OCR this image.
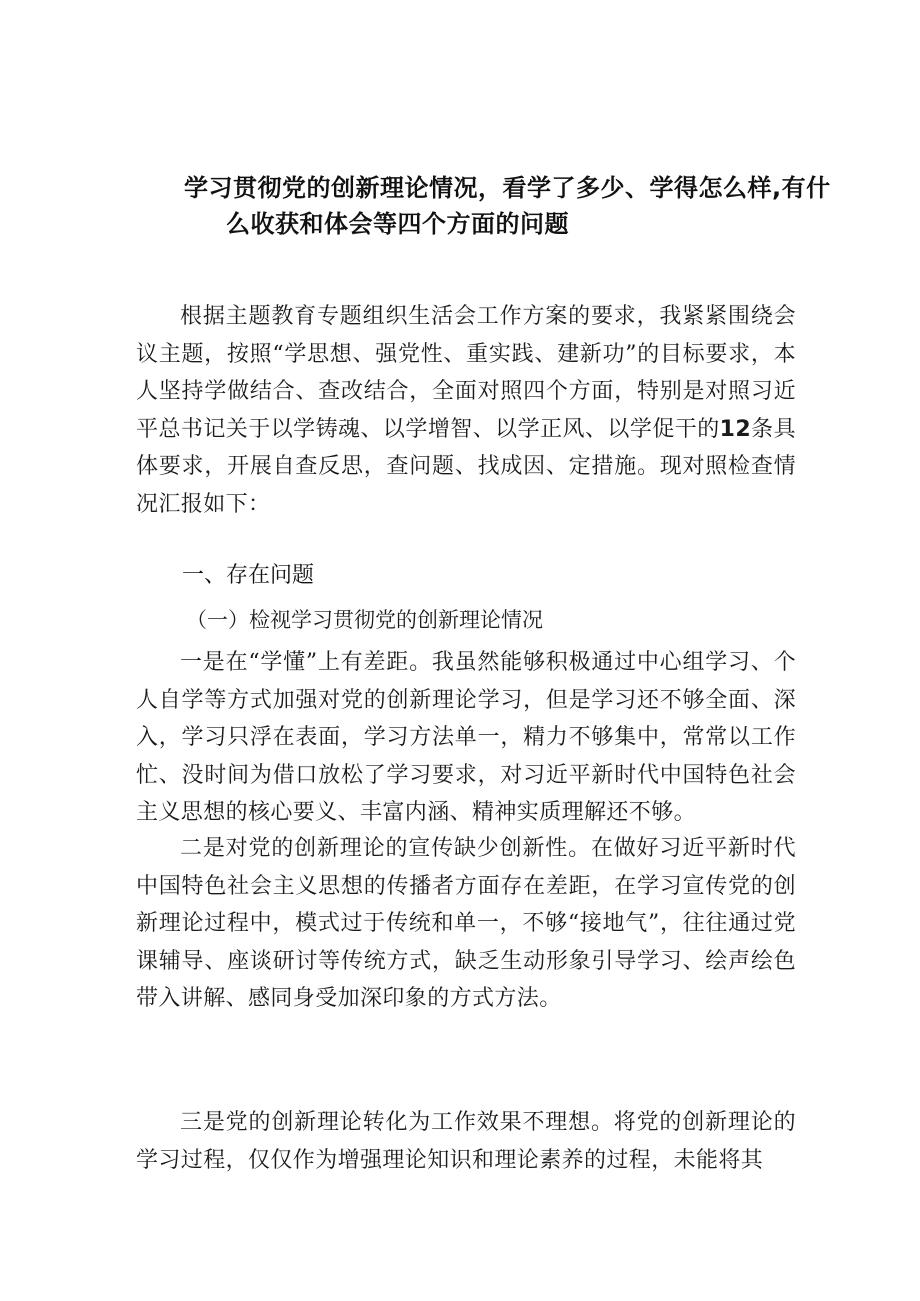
学习贯彻党的创新理论情况，看学了多少、学得怎么样,有什
么收获和体会等四个方面的问题

根据主题教育专题组织生活会工作方案的要求，我紧紧围绕会议主题，按照“学思想、强党性、重实践、建新功”的目标要求，本人坚持学做结合、查改结合，全面对照四个方面，特别是对照习近平总书记关于以学铸魂、以学增智、以学正风、以学促干的12条具体要求，开展自查反思，查问题、找成因、定措施。现对照检查情况汇报如下：

一、存在问题
（一）检视学习贯彻党的创新理论情况

一是在“学懂”上有差距。我虽然能够积极通过中心组学习、个人自学等方式加强对党的创新理论学习，但是学习还不够全面、深入，学习只浮在表面，学习方法单一，精力不够集中，常常以工作忙、没时间为借口放松了学习要求，对习近平新时代中国特色社会主义思想的核心要义、丰富内涵、精神实质理解还不够。

二是对党的创新理论的宣传缺少创新性。在做好习近平新时代中国特色社会主义思想的传播者方面存在差距，在学习宣传党的创新理论过程中，模式过于传统和单一，不够“接地气”，往往通过党课辅导、座谈研讨等传统方式，缺乏生动形象引导学习、绘声绘色带入讲解、感同身受加深印象的方式方法。

三是党的创新理论转化为工作效果不理想。将党的创新理论的学习过程，仅仅作为增强理论知识和理论素养的过程，未能将其
